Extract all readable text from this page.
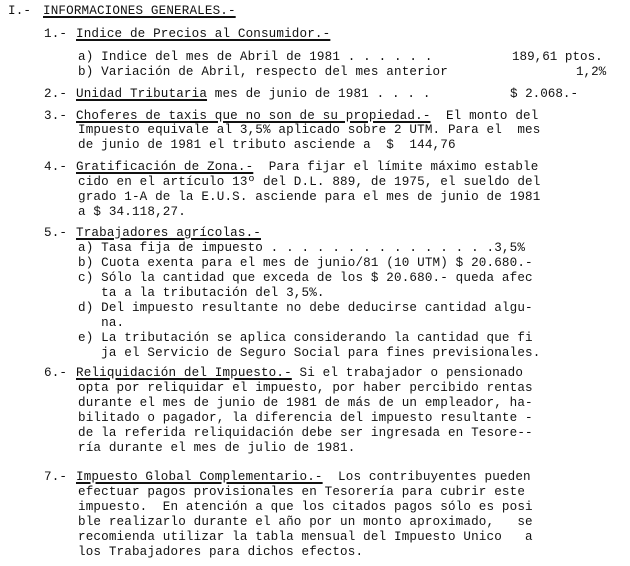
I.- INFORMACIONES GENERALES.-
1.- Indice de Precios al Consumidor.-
a) Indice del mes de Abril de 1981 . . . . . .	189,61 ptos.
b) Variación de Abril, respecto del mes anterior	1,2%
2.- Unidad Tributaria mes de junio de 1981 . . . .	$ 2.068.-
3.- Choferes de taxis que no son de su propiedad.-  El monto del
Impuesto equivale al 3,5% aplicado sobre 2 UTM. Para el  mes
de junio de 1981 el tributo asciende a  $  144,76
4.- Gratificación de Zona.-  Para fijar el límite máximo estable
cido en el artículo 13º del D.L. 889, de 1975, el sueldo del
grado 1-A de la E.U.S. asciende para el mes de junio de 1981
a $ 34.118,27.
5.- Trabajadores agrícolas.-
a) Tasa fija de impuesto . . . . . . . . . . . . . . .3,5%
b) Cuota exenta para el mes de junio/81 (10 UTM) $ 20.680.-
c) Sólo la cantidad que exceda de los $ 20.680.- queda afec
ta a la tributación del 3,5%.
d) Del impuesto resultante no debe deducirse cantidad algu-
na.
e) La tributación se aplica considerando la cantidad que fi
ja el Servicio de Seguro Social para fines previsionales.
6.- Reliquidación del Impuesto.- Si el trabajador o pensionado
opta por reliquidar el impuesto, por haber percibido rentas
durante el mes de junio de 1981 de más de un empleador, ha-
bilitado o pagador, la diferencia del impuesto resultante -
de la referida reliquidación debe ser ingresada en Tesore--
ría durante el mes de julio de 1981.
7.- Impuesto Global Complementario.-  Los contribuyentes pueden
efectuar pagos provisionales en Tesorería para cubrir este
impuesto.  En atención a que los citados pagos sólo es posi
ble realizarlo durante el año por un monto aproximado,   se
recomienda utilizar la tabla mensual del Impuesto Unico   a
los Trabajadores para dichos efectos.
